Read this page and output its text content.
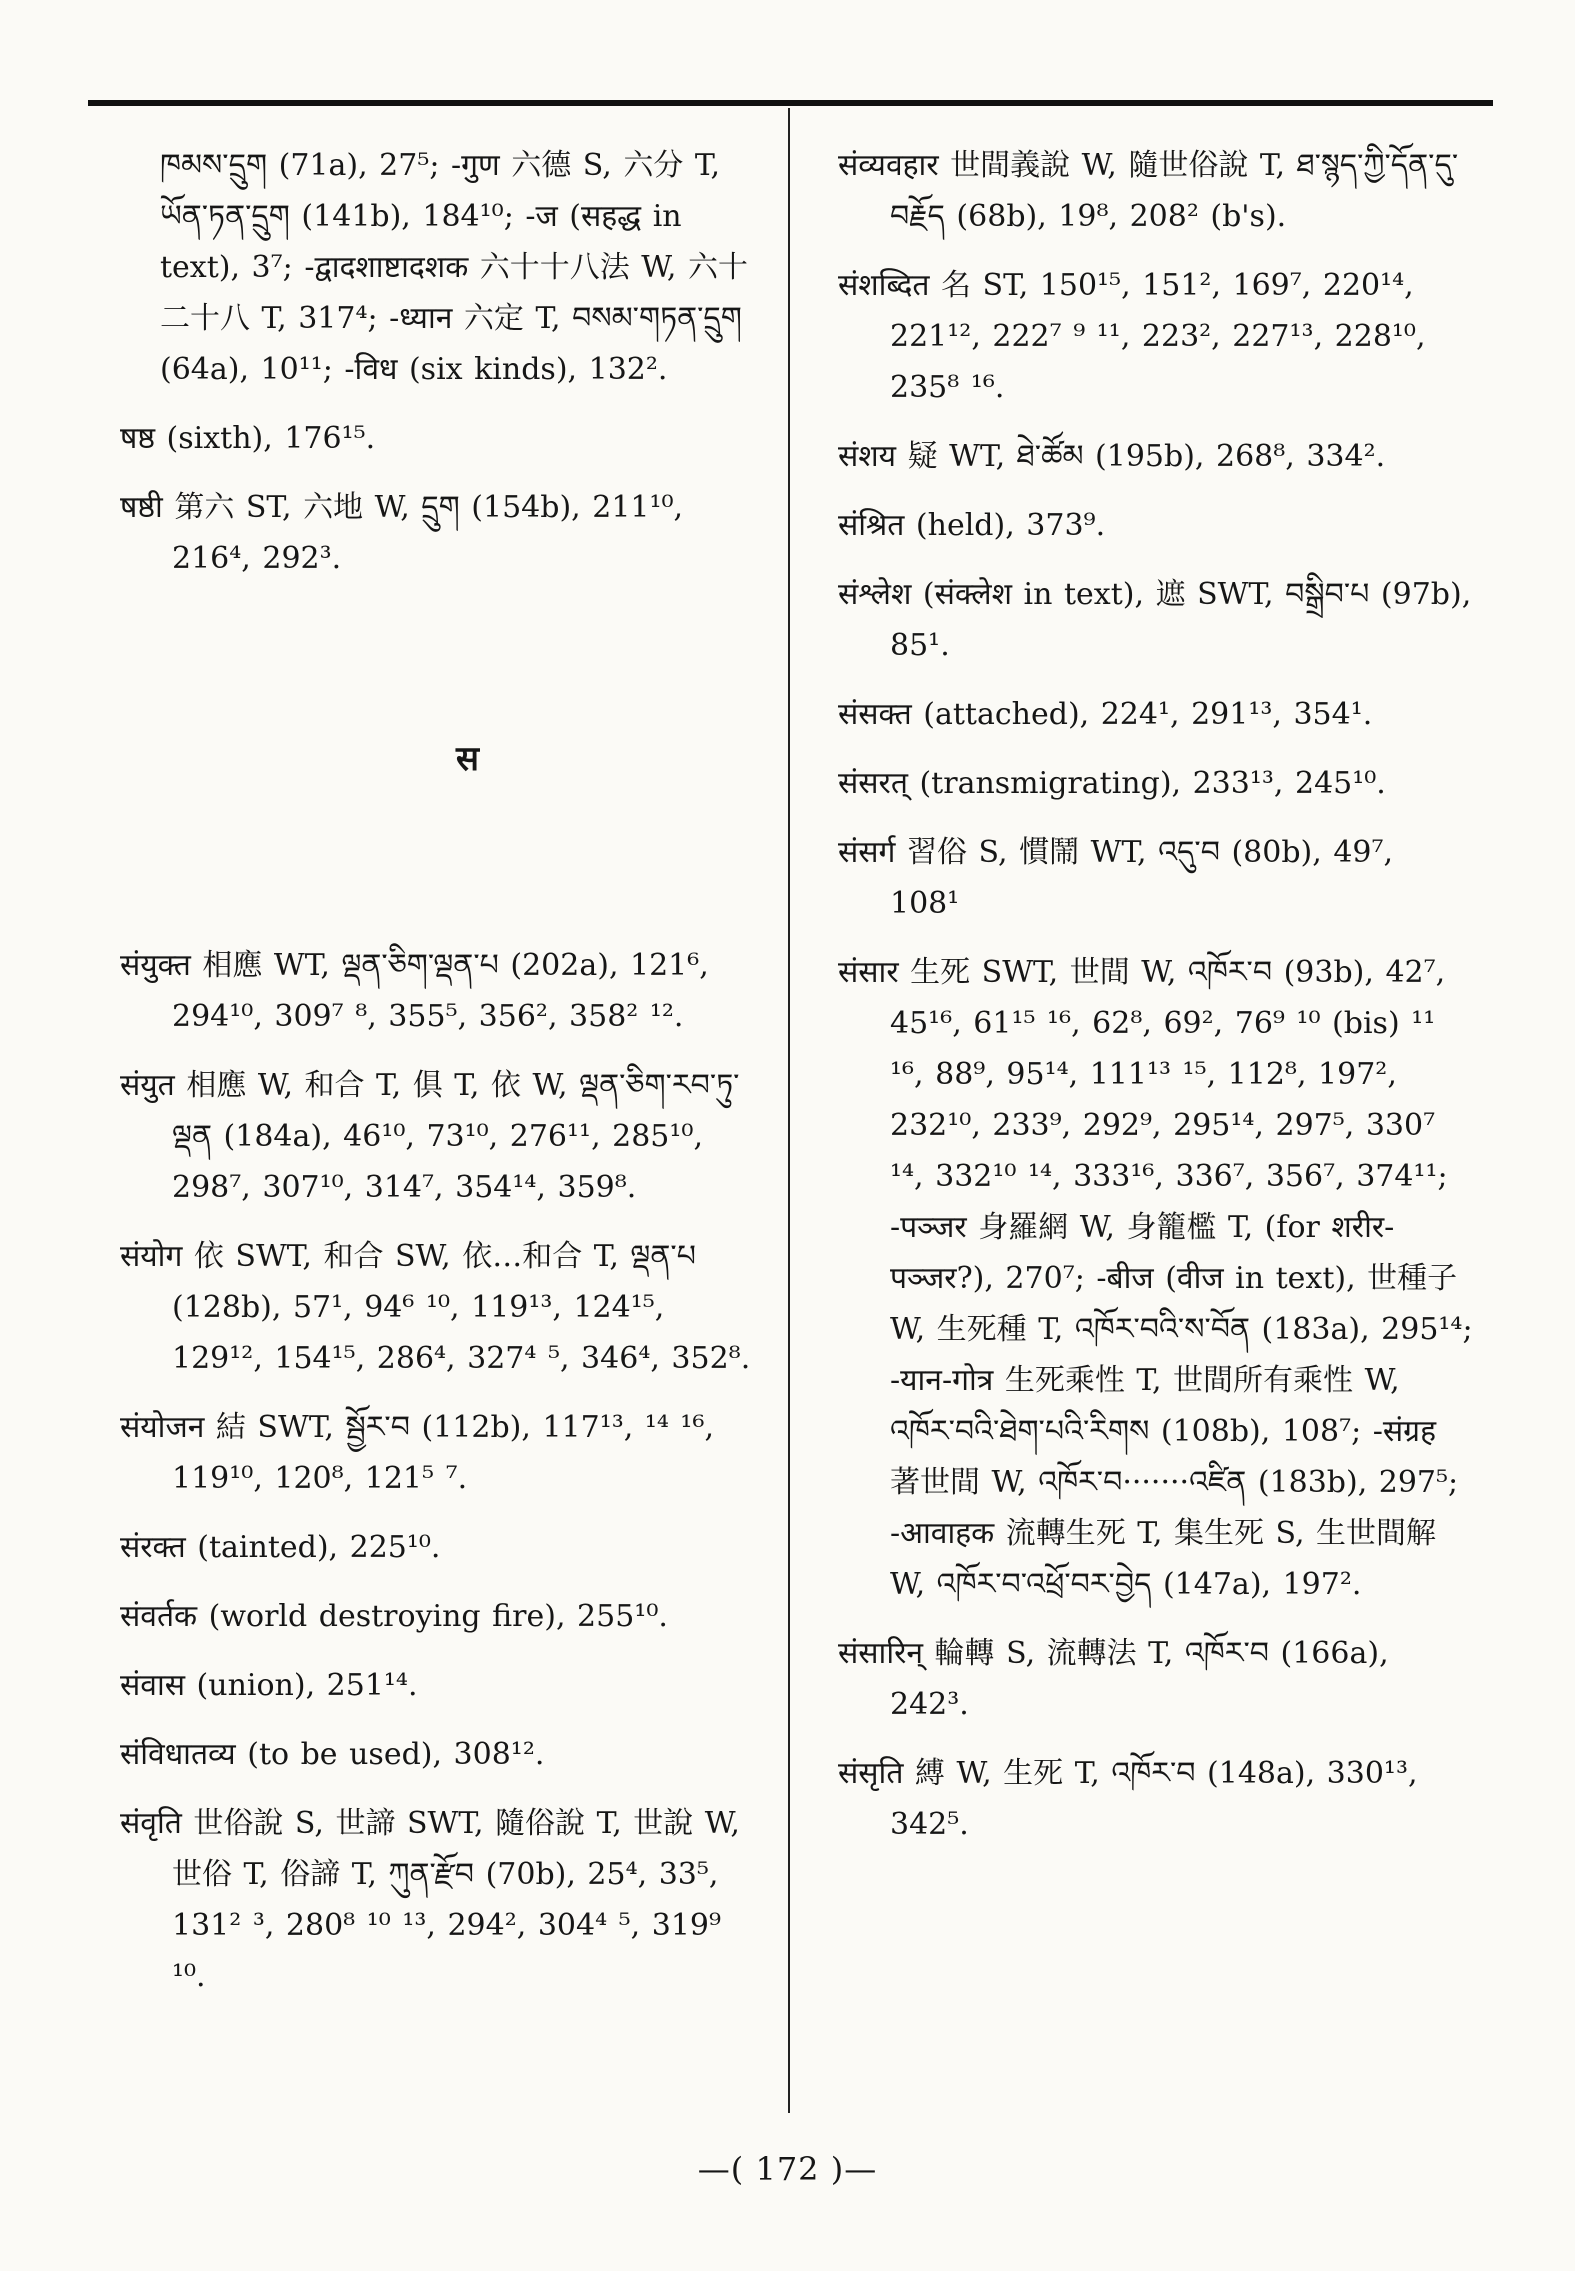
ཁམས་དྲུག (71a), 27⁵; -गुण 六德 S, 六分 T, ཡོན་ཏན་དྲུག (141b), 184¹⁰; -ज (सहद्ध in text), 3⁷; -द्वादशाष्टादशक 六十十八法 W, 六十二十八 T, 317⁴; -ध्यान 六定 T, བསམ་གཏན་དྲུག (64a), 10¹¹; -विध (six kinds), 132².

षष्ठ (sixth), 176¹⁵.

षष्ठी 第六 ST, 六地 W, དྲུག (154b), 211¹⁰, 216⁴, 292³.

स

संयुक्त 相應 WT, ལྡན་ཅིག་ལྡན་པ (202a), 121⁶, 294¹⁰, 309⁷ ⁸, 355⁵, 356², 358² ¹².

संयुत 相應 W, 和合 T, 俱 T, 依 W, ལྡན་ཅིག་རབ་ཏུ་ལྡན (184a), 46¹⁰, 73¹⁰, 276¹¹, 285¹⁰, 298⁷, 307¹⁰, 314⁷, 354¹⁴, 359⁸.

संयोग 依 SWT, 和合 SW, 依…和合 T, ལྡན་པ (128b), 57¹, 94⁶ ¹⁰, 119¹³, 124¹⁵, 129¹², 154¹⁵, 286⁴, 327⁴ ⁵, 346⁴, 352⁸.

संयोजन 結 SWT, སྦྱོར་བ (112b), 117¹³, ¹⁴ ¹⁶, 119¹⁰, 120⁸, 121⁵ ⁷.

संरक्त (tainted), 225¹⁰.

संवर्तक (world destroying fire), 255¹⁰.

संवास (union), 251¹⁴.

संविधातव्य (to be used), 308¹².

संवृति 世俗說 S, 世諦 SWT, 隨俗說 T, 世說 W, 世俗 T, 俗諦 T, ཀུན་རྫོབ (70b), 25⁴, 33⁵, 131² ³, 280⁸ ¹⁰ ¹³, 294², 304⁴ ⁵, 319⁹ ¹⁰.

संव्यवहार 世間義說 W, 隨世俗說 T, ཐ་སྙད་ཀྱི་དོན་དུ་བརྗོད (68b), 19⁸, 208² (b's).

संशब्दित 名 ST, 150¹⁵, 151², 169⁷, 220¹⁴, 221¹², 222⁷ ⁹ ¹¹, 223², 227¹³, 228¹⁰, 235⁸ ¹⁶.

संशय 疑 WT, ཐེ་ཚོམ (195b), 268⁸, 334².

संश्रित (held), 373⁹.

संश्लेश (संक्लेश in text), 遮 SWT, བསྒྲིབ་པ (97b), 85¹.

संसक्त (attached), 224¹, 291¹³, 354¹.

संसरत् (transmigrating), 233¹³, 245¹⁰.

संसर्ग 習俗 S, 慣鬧 WT, འདུ་བ (80b), 49⁷, 108¹

संसार 生死 SWT, 世間 W, འཁོར་བ (93b), 42⁷, 45¹⁶, 61¹⁵ ¹⁶, 62⁸, 69², 76⁹ ¹⁰ (bis) ¹¹ ¹⁶, 88⁹, 95¹⁴, 111¹³ ¹⁵, 112⁸, 197², 232¹⁰, 233⁹, 292⁹, 295¹⁴, 297⁵, 330⁷ ¹⁴, 332¹⁰ ¹⁴, 333¹⁶, 336⁷, 356⁷, 374¹¹; -पञ्जर 身羅網 W, 身籠檻 T, (for शरीर-पञ्जर?), 270⁷; -बीज (वीज in text), 世種子 W, 生死種 T, འཁོར་བའི་ས་བོན (183a), 295¹⁴; -यान-गोत्र 生死乘性 T, 世間所有乘性 W, འཁོར་བའི་ཐེག་པའི་རིགས (108b), 108⁷; -संग्रह 著世間 W, འཁོར་བ·······འཛིན (183b), 297⁵; -आवाहक 流轉生死 T, 集生死 S, 生世間解 W, འཁོར་བ་འཕྲོ་བར་བྱེད (147a), 197².

संसारिन् 輪轉 S, 流轉法 T, འཁོར་བ (166a), 242³.

संसृति 縛 W, 生死 T, འཁོར་བ (148a), 330¹³, 342⁵.

—( 172 )—
